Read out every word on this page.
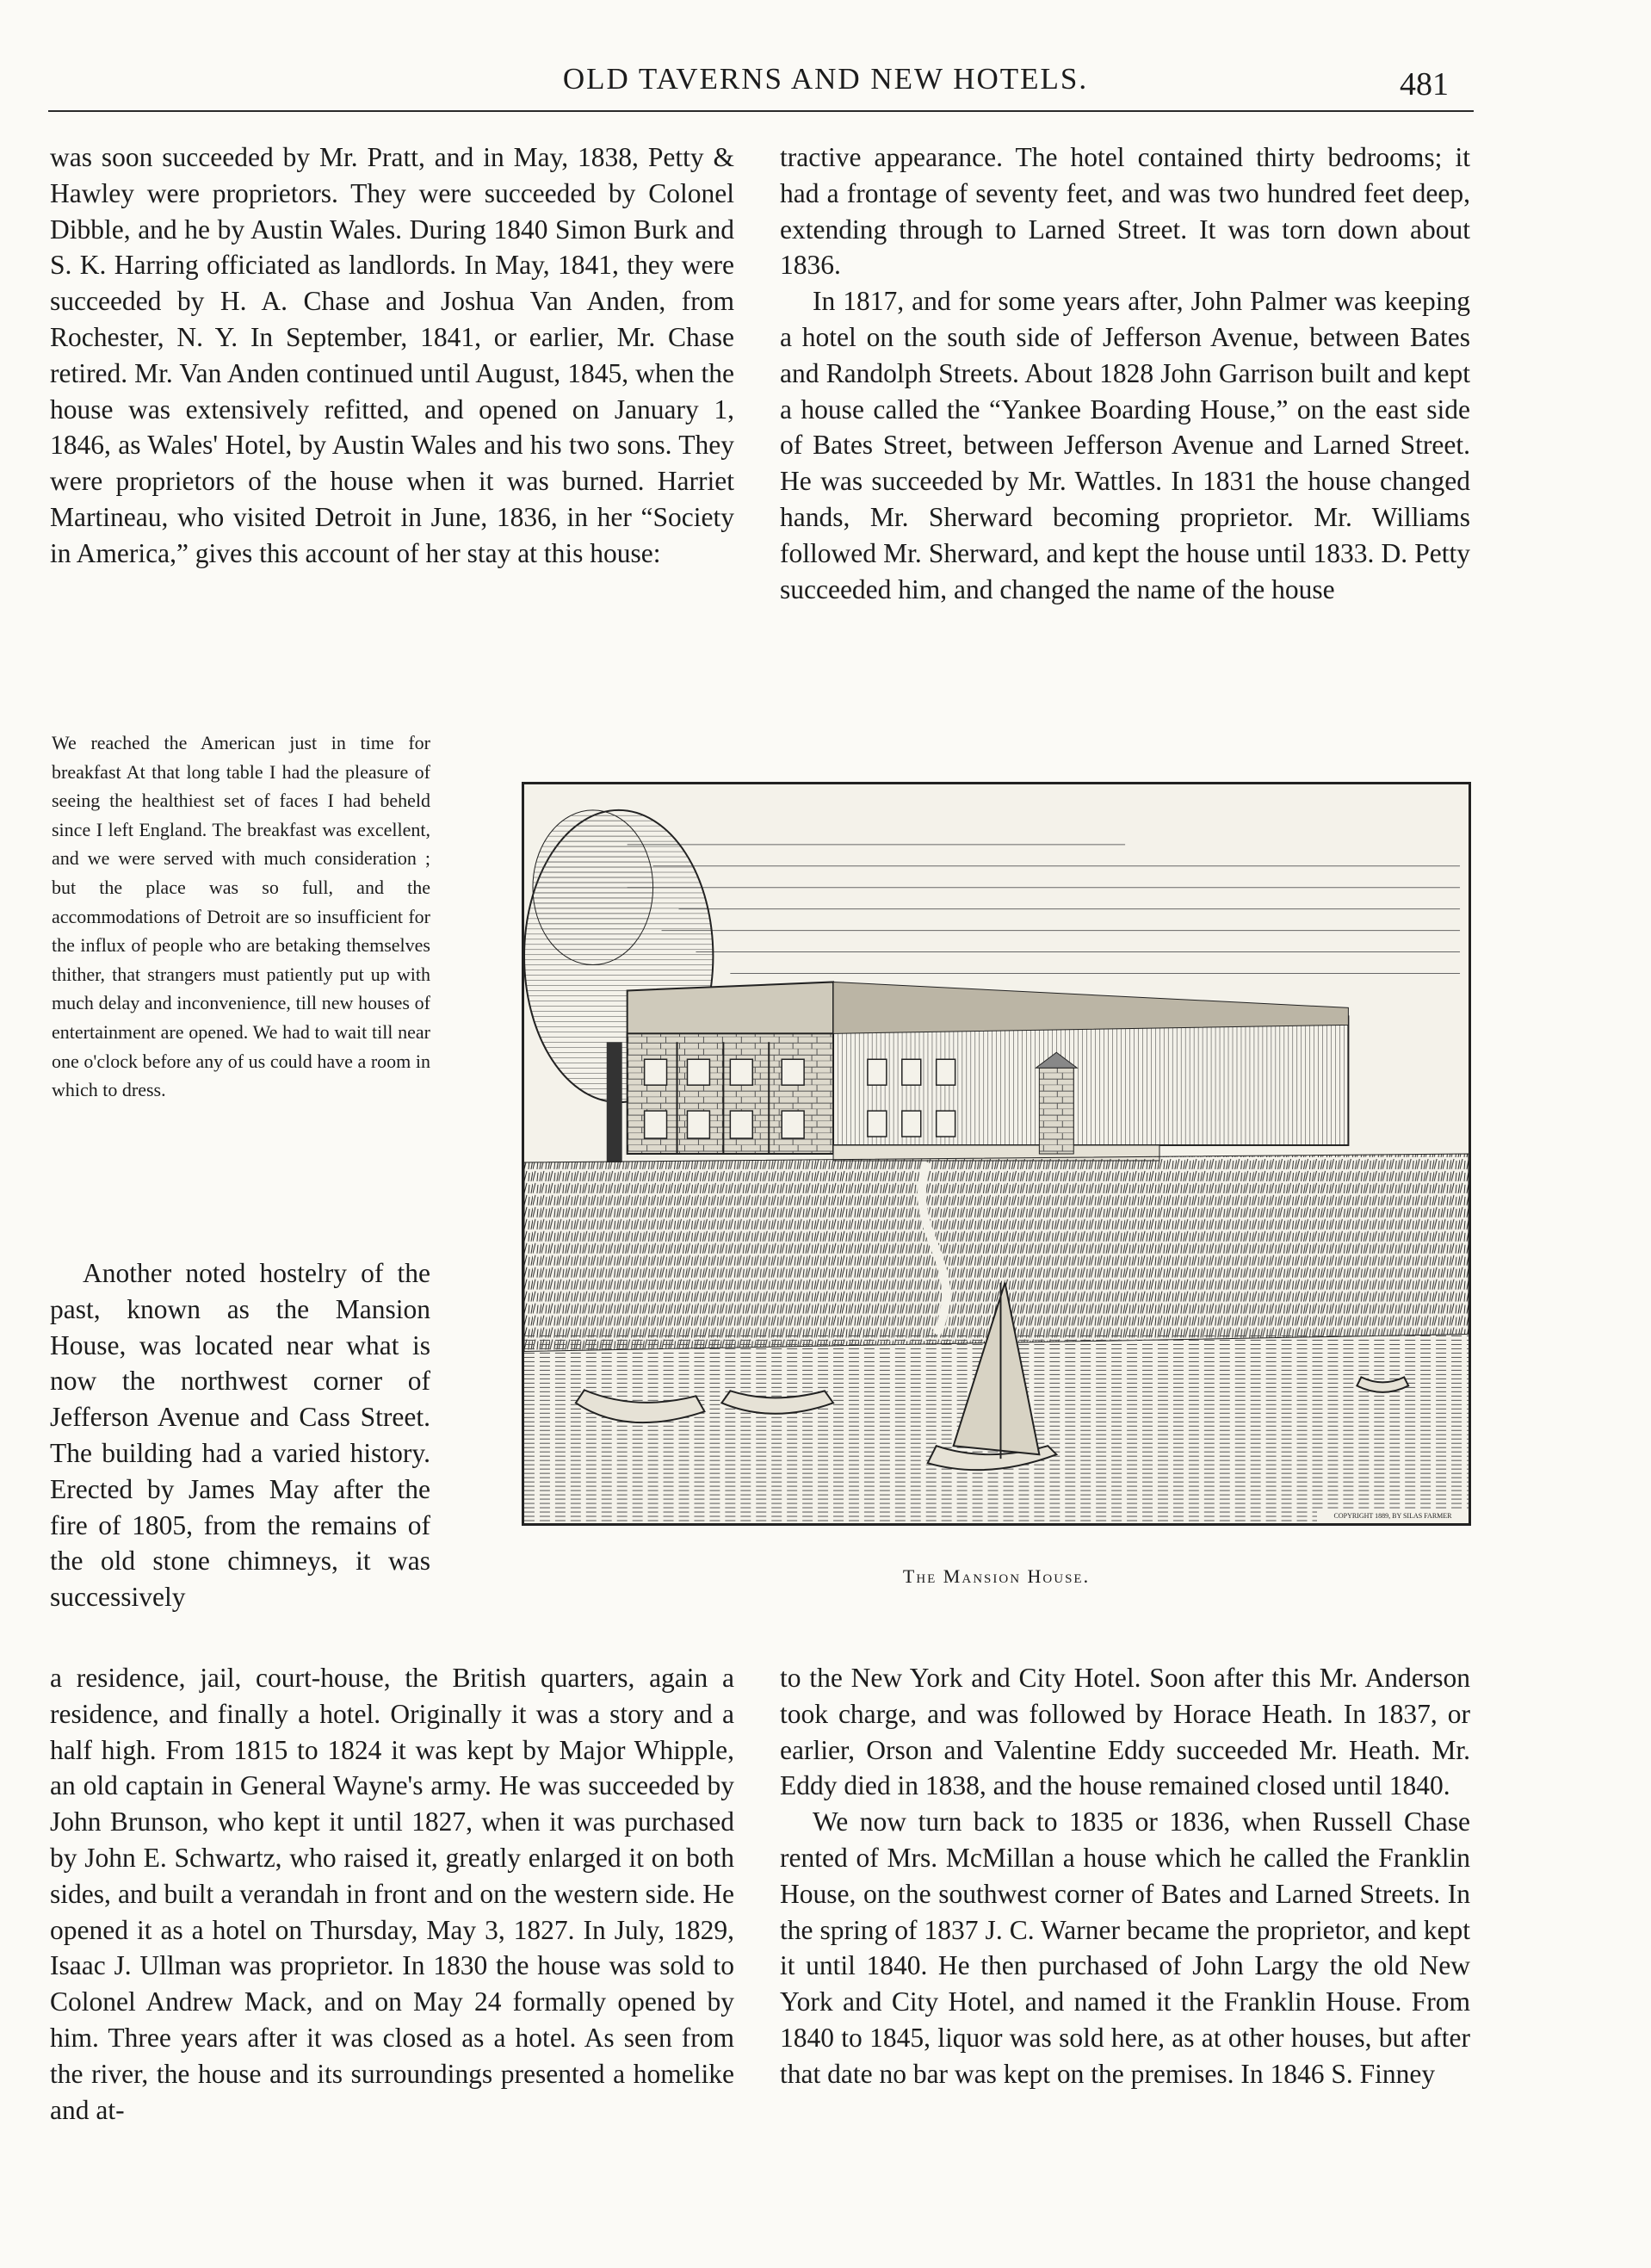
OLD TAVERNS AND NEW HOTELS.	481

was soon succeeded by Mr. Pratt, and in May, 1838, Petty & Hawley were proprietors. They were succeeded by Colonel Dibble, and he by Austin Wales. During 1840 Simon Burk and S. K. Harring officiated as landlords. In May, 1841, they were succeeded by H. A. Chase and Joshua Van Anden, from Rochester, N. Y. In September, 1841, or earlier, Mr. Chase retired. Mr. Van Anden continued until August, 1845, when the house was extensively refitted, and opened on January 1, 1846, as Wales' Hotel, by Austin Wales and his two sons. They were proprietors of the house when it was burned. Harriet Martineau, who visited Detroit in June, 1836, in her “Society in America,” gives this account of her stay at this house:

tractive appearance. The hotel contained thirty bedrooms; it had a frontage of seventy feet, and was two hundred feet deep, extending through to Larned Street. It was torn down about 1836.

In 1817, and for some years after, John Palmer was keeping a hotel on the south side of Jefferson Avenue, between Bates and Randolph Streets. About 1828 John Garrison built and kept a house called the “Yankee Boarding House,” on the east side of Bates Street, between Jefferson Avenue and Larned Street. He was succeeded by Mr. Wattles. In 1831 the house changed hands, Mr. Sherward becoming proprietor. Mr. Williams followed Mr. Sherward, and kept the house until 1833. D. Petty succeeded him, and changed the name of the house

We reached the American just in time for breakfast At that long table I had the pleasure of seeing the healthiest set of faces I had beheld since I left England. The breakfast was excellent, and we were served with much consideration ; but the place was so full, and the accommodations of Detroit are so insufficient for the influx of people who are betaking themselves thither, that strangers must patiently put up with much delay and inconvenience, till new houses of entertainment are opened. We had to wait till near one o'clock before any of us could have a room in which to dress.

Another noted hostelry of the past, known as the Mansion House, was located near what is now the northwest corner of Jefferson Avenue and Cass Street. The building had a varied history. Erected by James May after the fire of 1805, from the remains of the old stone chimneys, it was successively

a residence, jail, court-house, the British quarters, again a residence, and finally a hotel. Originally it was a story and a half high. From 1815 to 1824 it was kept by Major Whipple, an old captain in General Wayne's army. He was succeeded by John Brunson, who kept it until 1827, when it was purchased by John E. Schwartz, who raised it, greatly enlarged it on both sides, and built a verandah in front and on the western side. He opened it as a hotel on Thursday, May 3, 1827. In July, 1829, Isaac J. Ullman was proprietor. In 1830 the house was sold to Colonel Andrew Mack, and on May 24 formally opened by him. Three years after it was closed as a hotel. As seen from the river, the house and its surroundings presented a homelike and at-

to the New York and City Hotel. Soon after this Mr. Anderson took charge, and was followed by Horace Heath. In 1837, or earlier, Orson and Valentine Eddy succeeded Mr. Heath. Mr. Eddy died in 1838, and the house remained closed until 1840.

We now turn back to 1835 or 1836, when Russell Chase rented of Mrs. McMillan a house which he called the Franklin House, on the southwest corner of Bates and Larned Streets. In the spring of 1837 J. C. Warner became the proprietor, and kept it until 1840. He then purchased of John Largy the old New York and City Hotel, and named it the Franklin House. From 1840 to 1845, liquor was sold here, as at other houses, but after that date no bar was kept on the premises. In 1846 S. Finney

COPYRIGHT 1889, BY SILAS FARMER
The Mansion House.
